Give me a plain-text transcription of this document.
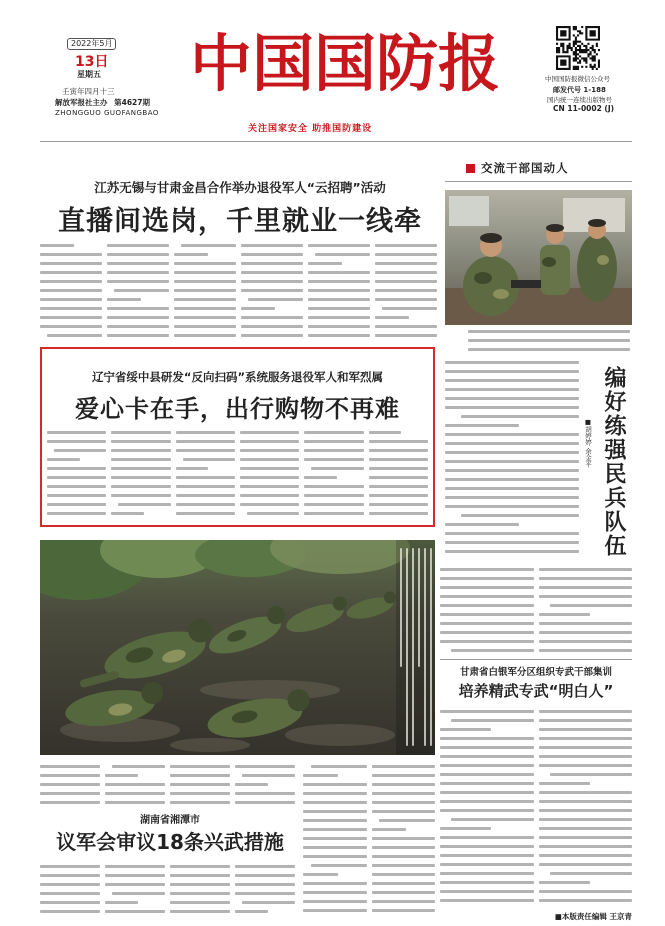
2022年5月
13日
星期五
壬寅年四月十三
解放军报社主办 第4627期
ZHONGGUO GUOFANGBAO
中国国防报
关注国家安全 助推国防建设
中国国防报微信公众号
邮发代号 1-188
国内统一连续出版物号
CN 11-0002 (J)
江苏无锡与甘肃金昌合作举办退役军人“云招聘”活动
直播间选岗，千里就业一线牵
辽宁省绥中县研发“反向扫码”系统服务退役军人和军烈属
爱心卡在手，出行购物不再难
湖南省湘潭市
议军会审议18条兴武措施
交流干部国动人
■胡婷婷 余金平 编好练强民兵队伍
甘肃省白银军分区组织专武干部集训
培养精武专武“明白人”
■本版责任编辑 王京青
